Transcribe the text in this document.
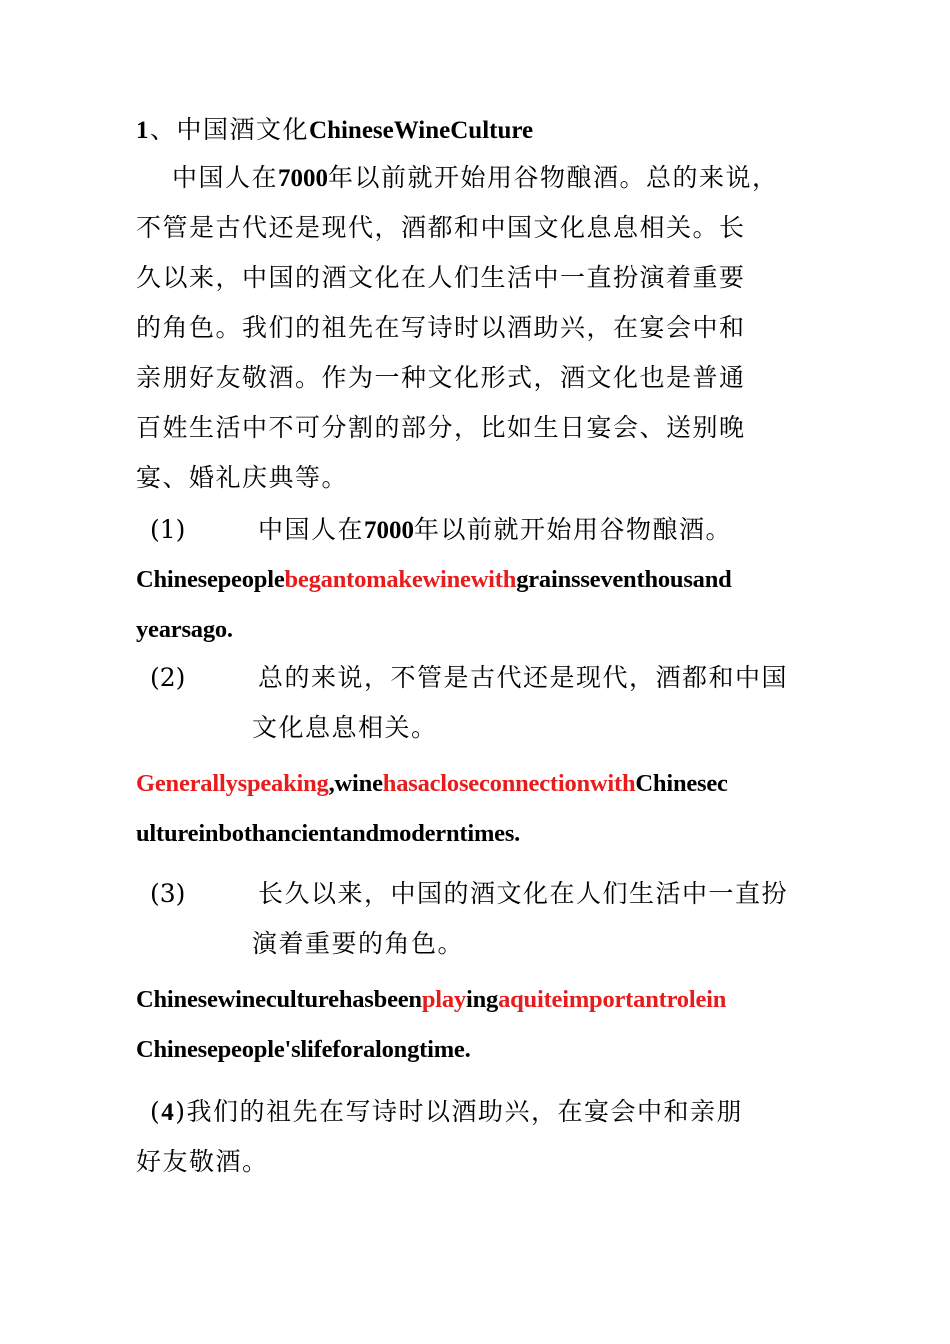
1、中国酒文化ChineseWineCulture

中国人在7000年以前就开始用谷物酿酒。总的来说，

不管是古代还是现代，酒都和中国文化息息相关。长

久以来，中国的酒文化在人们生活中一直扮演着重要

的角色。我们的祖先在写诗时以酒助兴，在宴会中和

亲朋好友敬酒。作为一种文化形式，酒文化也是普通

百姓生活中不可分割的部分，比如生日宴会、送别晚

宴、婚礼庆典等。

(1)	中国人在7000年以前就开始用谷物酿酒。

Chinesepeoplebegantomakewinewithgrainsseventhousand

yearsago.

(2)	总的来说，不管是古代还是现代，酒都和中国

文化息息相关。

Generallyspeaking,winehasacloseconnectionwithChinesec

ultureinbothancientandmoderntimes.

(3)	长久以来，中国的酒文化在人们生活中一直扮

演着重要的角色。

Chinesewineculturehasbeenplayingaquiteimportantrolein

Chinesepeople'slifeforalongtime.

(4)我们的祖先在写诗时以酒助兴，在宴会中和亲朋

好友敬酒。
